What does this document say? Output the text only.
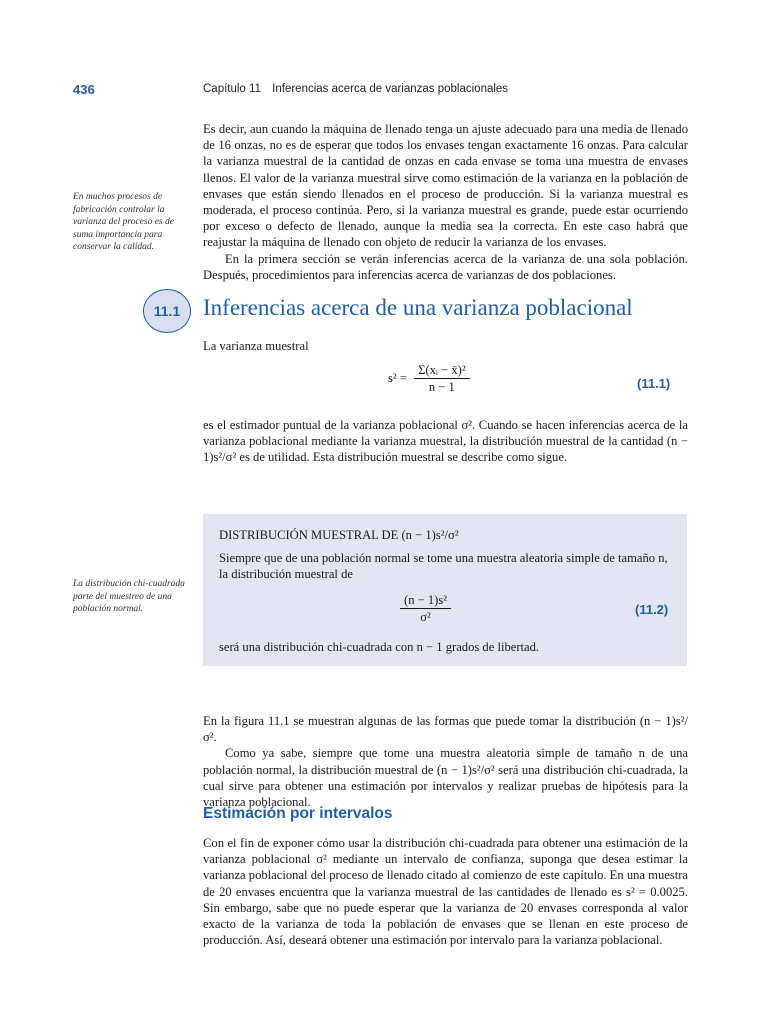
436	Capítulo 11 Inferencias acerca de varianzas poblacionales

Es decir, aun cuando la máquina de llenado tenga un ajuste adecuado para una media de llenado de 16 onzas, no es de esperar que todos los envases tengan exactamente 16 onzas. Para calcular la varianza muestral de la cantidad de onzas en cada envase se toma una muestra de envases llenos. El valor de la varianza muestral sirve como estimación de la varianza en la población de envases que están siendo llenados en el proceso de producción. Si la varianza muestral es moderada, el proceso continúa. Pero, si la varianza muestral es grande, puede estar ocurriendo por exceso o defecto de llenado, aunque la media sea la correcta. En este caso habrá que reajustar la máquina de llenado con objeto de reducir la varianza de los envases.

En la primera sección se verán inferencias acerca de la varianza de una sola población. Después, procedimientos para inferencias acerca de varianzas de dos poblaciones.

En muchos procesos de fabricación controlar la varianza del proceso es de suma importancia para conservar la calidad.
11.1 Inferencias acerca de una varianza poblacional
La varianza muestral
$s^2 = \frac{\text{Σ(xᵢ − x̄)²}}{n - 1}$	(11.1)
es el estimador puntual de la varianza poblacional σ². Cuando se hacen inferencias acerca de la varianza poblacional mediante la varianza muestral, la distribución muestral de la cantidad (n − 1)s²/σ² es de utilidad. Esta distribución muestral se describe como sigue.
La distribución chi-cuadrada parte del muestreo de una población normal.
DISTRIBUCIÓN MUESTRAL DE (n − 1)s²/σ²
Siempre que de una población normal se tome una muestra aleatoria simple de tamaño n, la distribución muestral de
$\frac{\text{(n − 1)s²}}{\text{σ²}}$	(11.2)
será una distribución chi-cuadrada con n − 1 grados de libertad.

En la figura 11.1 se muestran algunas de las formas que puede tomar la distribución (n − 1)s²/σ².

Como ya sabe, siempre que tome una muestra aleatoria simple de tamaño n de una población normal, la distribución muestral de (n − 1)s²/σ² será una distribución chi-cuadrada, la cual sirve para obtener una estimación por intervalos y realizar pruebas de hipótesis para la varianza poblacional.

Estimación por intervalos
Con el fin de exponer cómo usar la distribución chi-cuadrada para obtener una estimación de la varianza poblacional σ² mediante un intervalo de confianza, suponga que desea estimar la varianza poblacional del proceso de llenado citado al comienzo de este capítulo. En una muestra de 20 envases encuentra que la varianza muestral de las cantidades de llenado es s² = 0.0025. Sin embargo, sabe que no puede esperar que la varianza de 20 envases corresponda al valor exacto de la varianza de toda la población de envases que se llenan en este proceso de producción. Así, deseará obtener una estimación por intervalo para la varianza poblacional.
